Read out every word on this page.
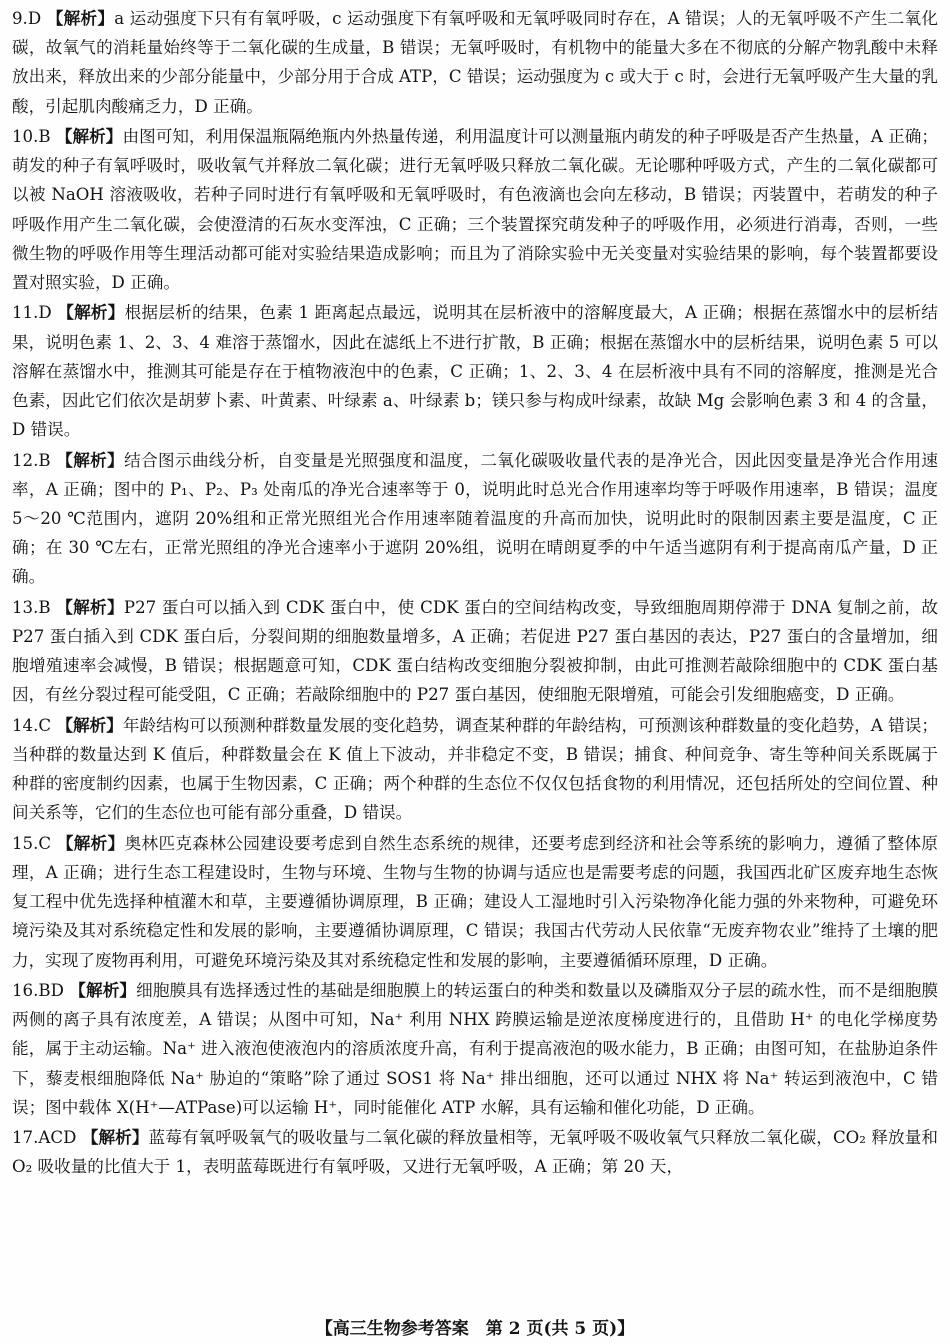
9.D 【解析】a 运动强度下只有有氧呼吸，c 运动强度下有氧呼吸和无氧呼吸同时存在，A 错误；人的无氧呼吸不产生二氧化碳，故氧气的消耗量始终等于二氧化碳的生成量，B 错误；无氧呼吸时，有机物中的能量大多在不彻底的分解产物乳酸中未释放出来，释放出来的少部分能量中，少部分用于合成 ATP，C 错误；运动强度为 c 或大于 c 时，会进行无氧呼吸产生大量的乳酸，引起肌肉酸痛乏力，D 正确。

10.B 【解析】由图可知，利用保温瓶隔绝瓶内外热量传递，利用温度计可以测量瓶内萌发的种子呼吸是否产生热量，A 正确；萌发的种子有氧呼吸时，吸收氧气并释放二氧化碳；进行无氧呼吸只释放二氧化碳。无论哪种呼吸方式，产生的二氧化碳都可以被 NaOH 溶液吸收，若种子同时进行有氧呼吸和无氧呼吸时，有色液滴也会向左移动，B 错误；丙装置中，若萌发的种子呼吸作用产生二氧化碳，会使澄清的石灰水变浑浊，C 正确；三个装置探究萌发种子的呼吸作用，必须进行消毒，否则，一些微生物的呼吸作用等生理活动都可能对实验结果造成影响；而且为了消除实验中无关变量对实验结果的影响，每个装置都要设置对照实验，D 正确。

11.D 【解析】根据层析的结果，色素 1 距离起点最远，说明其在层析液中的溶解度最大，A 正确；根据在蒸馏水中的层析结果，说明色素 1、2、3、4 难溶于蒸馏水，因此在滤纸上不进行扩散，B 正确；根据在蒸馏水中的层析结果，说明色素 5 可以溶解在蒸馏水中，推测其可能是存在于植物液泡中的色素，C 正确；1、2、3、4 在层析液中具有不同的溶解度，推测是光合色素，因此它们依次是胡萝卜素、叶黄素、叶绿素 a、叶绿素 b；镁只参与构成叶绿素，故缺 Mg 会影响色素 3 和 4 的含量，D 错误。

12.B 【解析】结合图示曲线分析，自变量是光照强度和温度，二氧化碳吸收量代表的是净光合，因此因变量是净光合作用速率，A 正确；图中的 P₁、P₂、P₃ 处南瓜的净光合速率等于 0，说明此时总光合作用速率均等于呼吸作用速率，B 错误；温度 5～20 ℃范围内，遮阴 20%组和正常光照组光合作用速率随着温度的升高而加快，说明此时的限制因素主要是温度，C 正确；在 30 ℃左右，正常光照组的净光合速率小于遮阴 20%组，说明在晴朗夏季的中午适当遮阴有利于提高南瓜产量，D 正确。

13.B 【解析】P27 蛋白可以插入到 CDK 蛋白中，使 CDK 蛋白的空间结构改变，导致细胞周期停滞于 DNA 复制之前，故 P27 蛋白插入到 CDK 蛋白后，分裂间期的细胞数量增多，A 正确；若促进 P27 蛋白基因的表达，P27 蛋白的含量增加，细胞增殖速率会减慢，B 错误；根据题意可知，CDK 蛋白结构改变细胞分裂被抑制，由此可推测若敲除细胞中的 CDK 蛋白基因，有丝分裂过程可能受阻，C 正确；若敲除细胞中的 P27 蛋白基因，使细胞无限增殖，可能会引发细胞癌变，D 正确。

14.C 【解析】年龄结构可以预测种群数量发展的变化趋势，调查某种群的年龄结构，可预测该种群数量的变化趋势，A 错误；当种群的数量达到 K 值后，种群数量会在 K 值上下波动，并非稳定不变，B 错误；捕食、种间竞争、寄生等种间关系既属于种群的密度制约因素，也属于生物因素，C 正确；两个种群的生态位不仅仅包括食物的利用情况，还包括所处的空间位置、种间关系等，它们的生态位也可能有部分重叠，D 错误。

15.C 【解析】奥林匹克森林公园建设要考虑到自然生态系统的规律，还要考虑到经济和社会等系统的影响力，遵循了整体原理，A 正确；进行生态工程建设时，生物与环境、生物与生物的协调与适应也是需要考虑的问题，我国西北矿区废弃地生态恢复工程中优先选择种植灌木和草，主要遵循协调原理，B 正确；建设人工湿地时引入污染物净化能力强的外来物种，可避免环境污染及其对系统稳定性和发展的影响，主要遵循协调原理，C 错误；我国古代劳动人民依靠“无废弃物农业”维持了土壤的肥力，实现了废物再利用，可避免环境污染及其对系统稳定性和发展的影响，主要遵循循环原理，D 正确。

16.BD 【解析】细胞膜具有选择透过性的基础是细胞膜上的转运蛋白的种类和数量以及磷脂双分子层的疏水性，而不是细胞膜两侧的离子具有浓度差，A 错误；从图中可知，Na⁺ 利用 NHX 跨膜运输是逆浓度梯度进行的，且借助 H⁺ 的电化学梯度势能，属于主动运输。Na⁺ 进入液泡使液泡内的溶质浓度升高，有利于提高液泡的吸水能力，B 正确；由图可知，在盐胁迫条件下，藜麦根细胞降低 Na⁺ 胁迫的“策略”除了通过 SOS1 将 Na⁺ 排出细胞，还可以通过 NHX 将 Na⁺ 转运到液泡中，C 错误；图中载体 X(H⁺—ATPase)可以运输 H⁺，同时能催化 ATP 水解，具有运输和催化功能，D 正确。

17.ACD 【解析】蓝莓有氧呼吸氧气的吸收量与二氧化碳的释放量相等，无氧呼吸不吸收氧气只释放二氧化碳，CO₂ 释放量和 O₂ 吸收量的比值大于 1，表明蓝莓既进行有氧呼吸，又进行无氧呼吸，A 正确；第 20 天，

【高三生物参考答案　第 2 页(共 5 页)】
